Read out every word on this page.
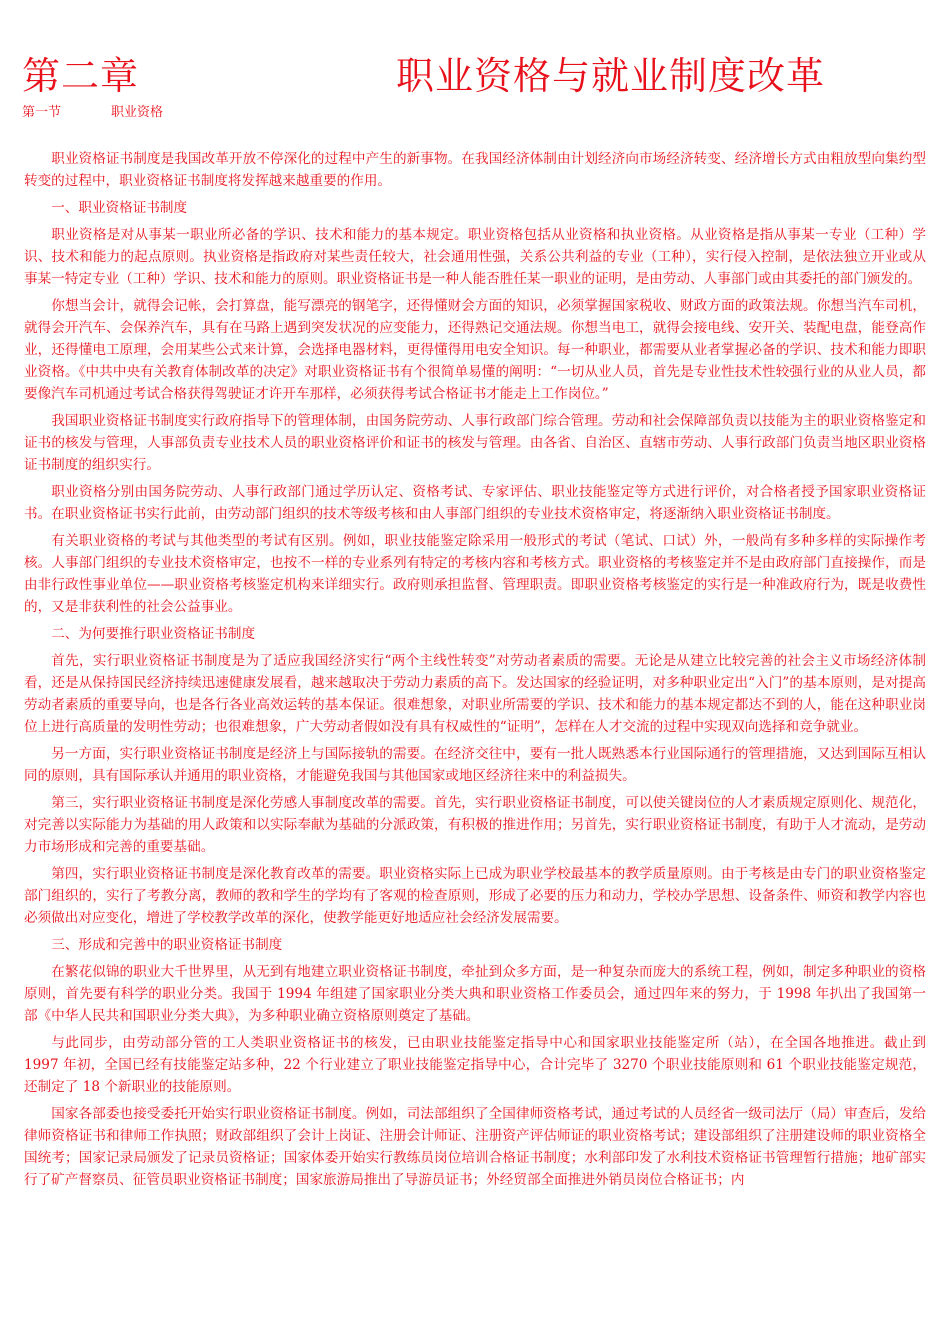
第二章	职业资格与就业制度改革
第一节	职业资格

职业资格证书制度是我国改革开放不停深化的过程中产生的新事物。在我国经济体制由计划经济向市场经济转变、经济增长方式由粗放型向集约型转变的过程中，职业资格证书制度将发挥越来越重要的作用。

一、职业资格证书制度

职业资格是对从事某一职业所必备的学识、技术和能力的基本规定。职业资格包括从业资格和执业资格。从业资格是指从事某一专业（工种）学识、技术和能力的起点原则。执业资格是指政府对某些责任较大，社会通用性强，关系公共利益的专业（工种），实行侵入控制，是依法独立开业或从事某一特定专业（工种）学识、技术和能力的原则。职业资格证书是一种人能否胜任某一职业的证明，是由劳动、人事部门或由其委托的部门颁发的。

你想当会计，就得会记帐，会打算盘，能写漂亮的钢笔字，还得懂财会方面的知识，必须掌握国家税收、财政方面的政策法规。你想当汽车司机，就得会开汽车、会保养汽车，具有在马路上遇到突发状况的应变能力，还得熟记交通法规。你想当电工，就得会接电线、安开关、装配电盘，能登高作业，还得懂电工原理，会用某些公式来计算，会选择电器材料，更得懂得用电安全知识。每一种职业，都需要从业者掌握必备的学识、技术和能力即职业资格。《中共中央有关教育体制改革的决定》对职业资格证书有个很简单易懂的阐明：“一切从业人员，首先是专业性技术性较强行业的从业人员，都要像汽车司机通过考试合格获得驾驶证才许开车那样，必须获得考试合格证书才能走上工作岗位。”

我国职业资格证书制度实行政府指导下的管理体制，由国务院劳动、人事行政部门综合管理。劳动和社会保障部负责以技能为主的职业资格鉴定和证书的核发与管理，人事部负责专业技术人员的职业资格评价和证书的核发与管理。由各省、自治区、直辖市劳动、人事行政部门负责当地区职业资格证书制度的组织实行。

职业资格分别由国务院劳动、人事行政部门通过学历认定、资格考试、专家评估、职业技能鉴定等方式进行评价，对合格者授予国家职业资格证书。在职业资格证书实行此前，由劳动部门组织的技术等级考核和由人事部门组织的专业技术资格审定，将逐渐纳入职业资格证书制度。

有关职业资格的考试与其他类型的考试有区别。例如，职业技能鉴定除采用一般形式的考试（笔试、口试）外，一般尚有多种多样的实际操作考核。人事部门组织的专业技术资格审定，也按不一样的专业系列有特定的考核内容和考核方式。职业资格的考核鉴定并不是由政府部门直接操作，而是由非行政性事业单位——职业资格考核鉴定机构来详细实行。政府则承担监督、管理职责。即职业资格考核鉴定的实行是一种准政府行为，既是收费性的，又是非获利性的社会公益事业。

二、为何要推行职业资格证书制度

首先，实行职业资格证书制度是为了适应我国经济实行“两个主线性转变”对劳动者素质的需要。无论是从建立比较完善的社会主义市场经济体制看，还是从保持国民经济持续迅速健康发展看，越来越取决于劳动力素质的高下。发达国家的经验证明，对多种职业定出“入门”的基本原则，是对提高劳动者素质的重要导向，也是各行各业高效运转的基本保证。很难想象，对职业所需要的学识、技术和能力的基本规定都达不到的人，能在这种职业岗位上进行高质量的发明性劳动；也很难想象，广大劳动者假如没有具有权威性的“证明”，怎样在人才交流的过程中实现双向选择和竞争就业。

另一方面，实行职业资格证书制度是经济上与国际接轨的需要。在经济交往中，要有一批人既熟悉本行业国际通行的管理措施，又达到国际互相认同的原则，具有国际承认并通用的职业资格，才能避免我国与其他国家或地区经济往来中的利益损失。

第三，实行职业资格证书制度是深化劳感人事制度改革的需要。首先，实行职业资格证书制度，可以使关键岗位的人才素质规定原则化、规范化，对完善以实际能力为基础的用人政策和以实际奉献为基础的分派政策，有积极的推进作用；另首先，实行职业资格证书制度，有助于人才流动，是劳动力市场形成和完善的重要基础。

第四，实行职业资格证书制度是深化教育改革的需要。职业资格实际上已成为职业学校最基本的教学质量原则。由于考核是由专门的职业资格鉴定部门组织的，实行了考教分离，教师的教和学生的学均有了客观的检查原则，形成了必要的压力和动力，学校办学思想、设备条件、师资和教学内容也必须做出对应变化，增进了学校教学改革的深化，使教学能更好地适应社会经济发展需要。

三、形成和完善中的职业资格证书制度

在繁花似锦的职业大千世界里，从无到有地建立职业资格证书制度，牵扯到众多方面，是一种复杂而庞大的系统工程，例如，制定多种职业的资格原则，首先要有科学的职业分类。我国于 1994 年组建了国家职业分类大典和职业资格工作委员会，通过四年来的努力，于 1998 年扒出了我国第一部《中华人民共和国职业分类大典》，为多种职业确立资格原则奠定了基础。

与此同步，由劳动部分管的工人类职业资格证书的核发，已由职业技能鉴定指导中心和国家职业技能鉴定所（站），在全国各地推进。截止到 1997 年初，全国已经有技能鉴定站多种，22 个行业建立了职业技能鉴定指导中心，合计完毕了 3270 个职业技能原则和 61 个职业技能鉴定规范，还制定了 18 个新职业的技能原则。

国家各部委也接受委托开始实行职业资格证书制度。例如，司法部组织了全国律师资格考试，通过考试的人员经省一级司法厅（局）审查后，发给律师资格证书和律师工作执照；财政部组织了会计上岗证、注册会计师证、注册资产评估师证的职业资格考试；建设部组织了注册建设师的职业资格全国统考；国家记录局颁发了记录员资格证；国家体委开始实行教练员岗位培训合格证书制度；水利部印发了水利技术资格证书管理暂行措施；地矿部实行了矿产督察员、征管员职业资格证书制度；国家旅游局推出了导游员证书；外经贸部全面推进外销员岗位合格证书；内
